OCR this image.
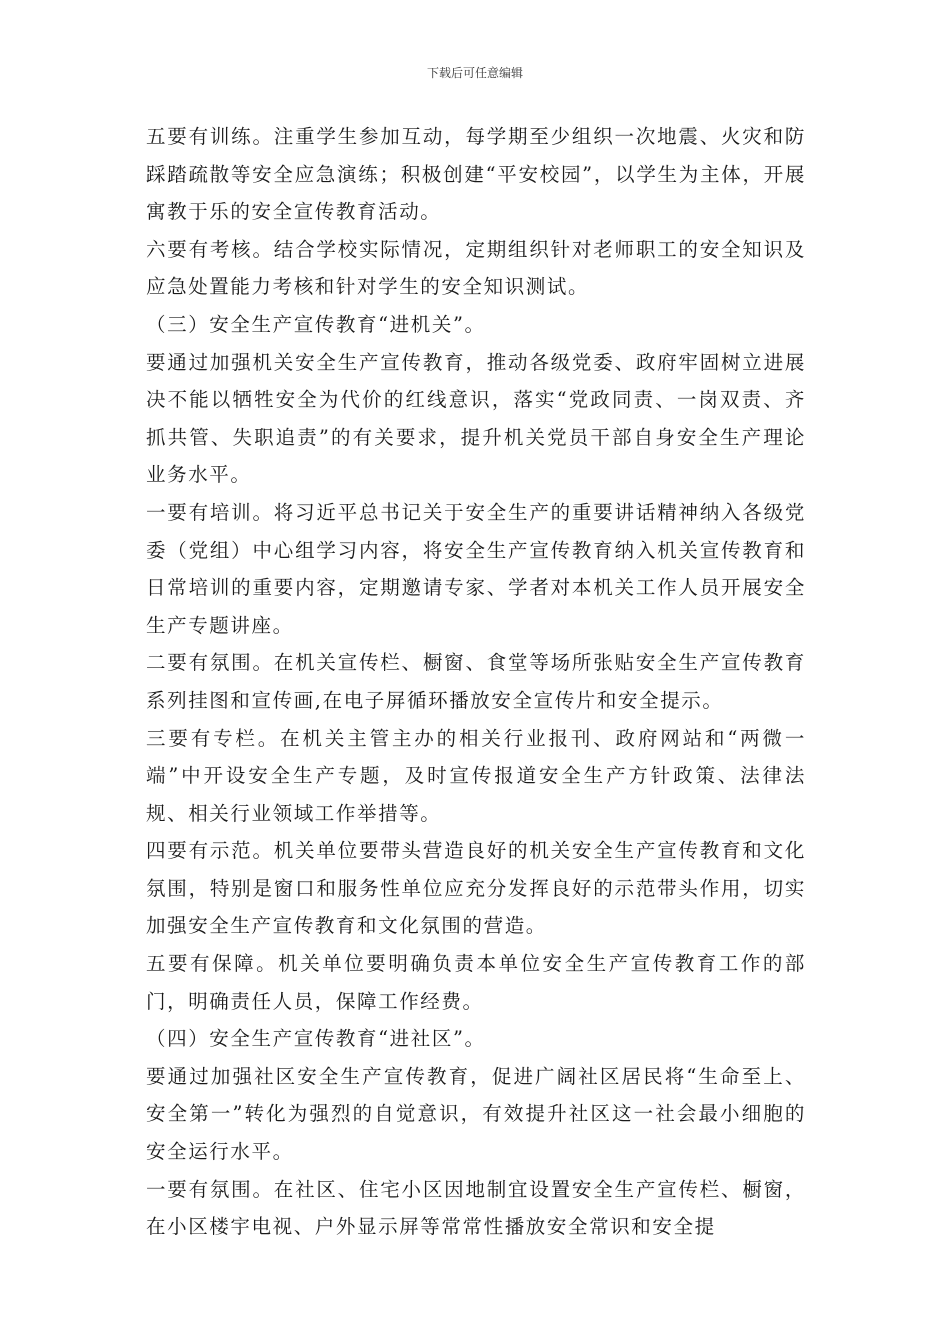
下载后可任意编辑

五要有训练。注重学生参加互动，每学期至少组织一次地震、火灾和防踩踏疏散等安全应急演练；积极创建“平安校园”，以学生为主体，开展寓教于乐的安全宣传教育活动。

六要有考核。结合学校实际情况，定期组织针对老师职工的安全知识及应急处置能力考核和针对学生的安全知识测试。

（三）安全生产宣传教育“进机关”。

要通过加强机关安全生产宣传教育，推动各级党委、政府牢固树立进展决不能以牺牲安全为代价的红线意识，落实“党政同责、一岗双责、齐抓共管、失职追责”的有关要求，提升机关党员干部自身安全生产理论业务水平。

一要有培训。将习近平总书记关于安全生产的重要讲话精神纳入各级党委（党组）中心组学习内容，将安全生产宣传教育纳入机关宣传教育和日常培训的重要内容，定期邀请专家、学者对本机关工作人员开展安全生产专题讲座。

二要有氛围。在机关宣传栏、橱窗、食堂等场所张贴安全生产宣传教育系列挂图和宣传画,在电子屏循环播放安全宣传片和安全提示。

三要有专栏。在机关主管主办的相关行业报刊、政府网站和“两微一端”中开设安全生产专题，及时宣传报道安全生产方针政策、法律法规、相关行业领域工作举措等。

四要有示范。机关单位要带头营造良好的机关安全生产宣传教育和文化氛围，特别是窗口和服务性单位应充分发挥良好的示范带头作用，切实加强安全生产宣传教育和文化氛围的营造。

五要有保障。机关单位要明确负责本单位安全生产宣传教育工作的部门，明确责任人员，保障工作经费。

（四）安全生产宣传教育“进社区”。

要通过加强社区安全生产宣传教育，促进广阔社区居民将“生命至上、安全第一”转化为强烈的自觉意识，有效提升社区这一社会最小细胞的安全运行水平。

一要有氛围。在社区、住宅小区因地制宜设置安全生产宣传栏、橱窗，在小区楼宇电视、户外显示屏等常常性播放安全常识和安全提
